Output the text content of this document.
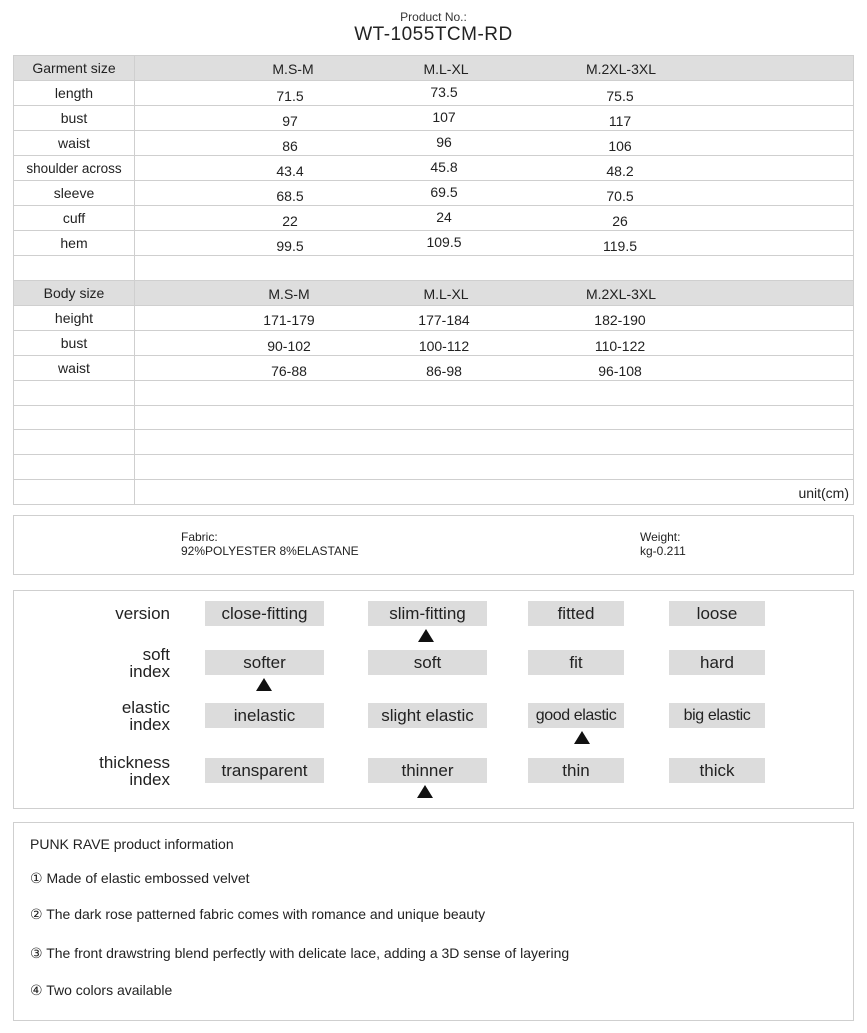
Product No.:
WT-1055TCM-RD
Garment size	M.S-M M.L-XL M.2XL-3XL

length	71.5 73.5 75.5

bust	97 107 117

waist	86 96 106

shoulder across	43.4 45.8 48.2

sleeve	68.5 69.5 70.5

cuff	22 24 26

hem	99.5 109.5 119.5

Body size	M.S-M M.L-XL M.2XL-3XL

height	171-179 177-184 182-190

bust	90-102 100-112 110-122

waist	76-88 86-98 96-108

	unit(cm)
Fabric:
92%POLYESTER 8%ELASTANE
Weight:
kg-0.211
version	close-fitting	slim-fitting	fitted	loose
soft
index	softer	soft	fit	hard
elastic
index	inelastic	slight elastic	good elastic	big elastic
thickness
index	transparent	thinner	thin	thick
PUNK RAVE product information
① Made of elastic embossed velvet
② The dark rose patterned fabric comes with romance and unique beauty
③ The front drawstring blend perfectly with delicate lace, adding a 3D sense of layering
④ Two colors available
